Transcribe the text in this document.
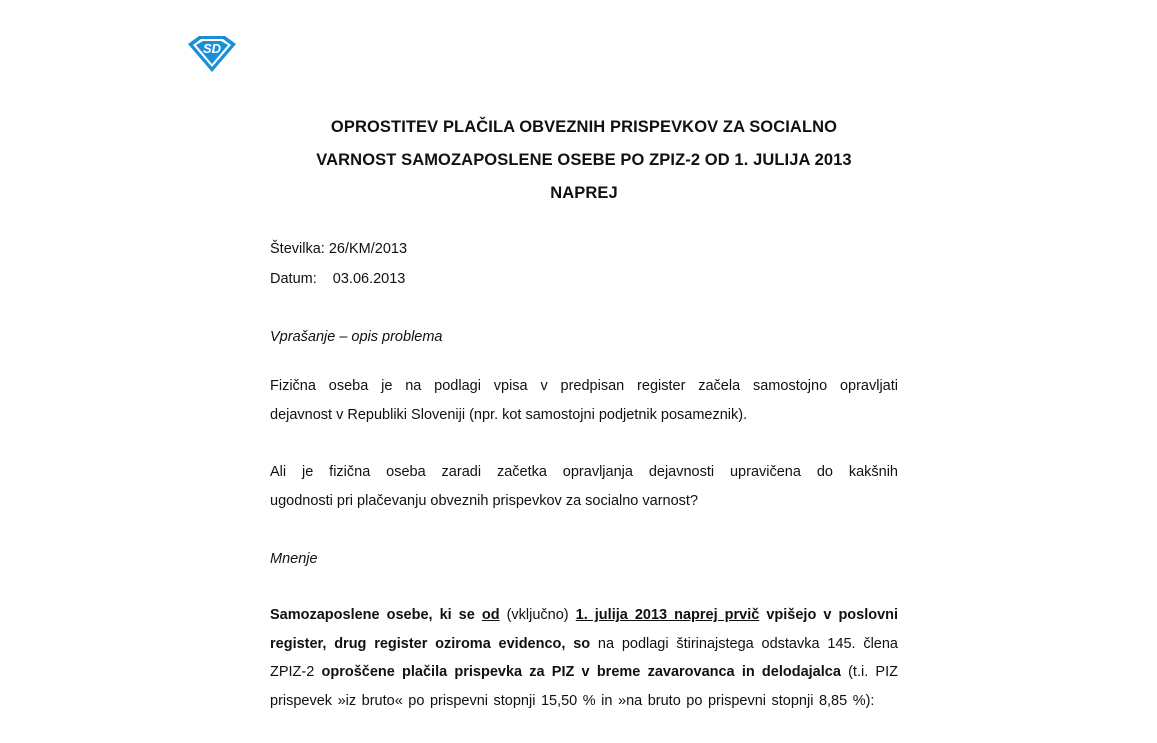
SD
OPROSTITEV PLAČILA OBVEZNIH PRISPEVKOV ZA SOCIALNO
VARNOST SAMOZAPOSLENE OSEBE PO ZPIZ-2 OD 1. JULIJA 2013
NAPREJ
Številka: 26/KM/2013
Datum: 03.06.2013
Vprašanje – opis problema
Fizična oseba je na podlagi vpisa v predpisan register začela samostojno opravljati
dejavnost v Republiki Sloveniji (npr. kot samostojni podjetnik posameznik).
Ali je fizična oseba zaradi začetka opravljanja dejavnosti upravičena do kakšnih
ugodnosti pri plačevanju obveznih prispevkov za socialno varnost?
Mnenje
Samozaposlene osebe, ki se od (vključno) 1. julija 2013 naprej prvič vpišejo v poslovni register, drug register oziroma evidenco, so na podlagi štirinajstega odstavka 145. člena ZPIZ-2 oproščene plačila prispevka za PIZ v breme zavarovanca in delodajalca (t.i. PIZ prispevek »iz bruto« po prispevni stopnji 15,50 % in »na bruto po prispevni stopnji 8,85 %):
